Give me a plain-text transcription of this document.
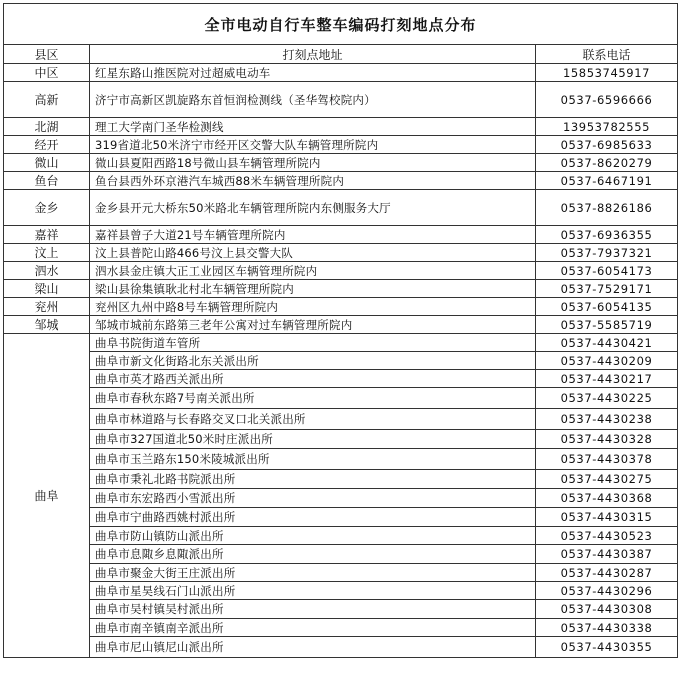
全市电动自行车整车编码打刻地点分布		
县区	打刻点地址	联系电话
中区	红星东路山推医院对过超威电动车	15853745917
高新	济宁市高新区凯旋路东首恒润检测线（圣华驾校院内）	0537-6596666
北湖	理工大学南门圣华检测线	13953782555
经开	319省道北50米济宁市经开区交警大队车辆管理所院内	0537-6985633
微山	微山县夏阳西路18号微山县车辆管理所院内	0537-8620279
鱼台	鱼台县西外环京港汽车城西88米车辆管理所院内	0537-6467191
金乡	金乡县开元大桥东50米路北车辆管理所院内东侧服务大厅	0537-8826186
嘉祥	嘉祥县曾子大道21号车辆管理所院内	0537-6936355
汶上	汶上县普陀山路466号汶上县交警大队	0537-7937321
泗水	泗水县金庄镇大正工业园区车辆管理所院内	0537-6054173
梁山	梁山县徐集镇耿北村北车辆管理所院内	0537-7529171
兖州	兖州区九州中路8号车辆管理所院内	0537-6054135
邹城	邹城市城前东路第三老年公寓对过车辆管理所院内	0537-5585719
曲阜	曲阜书院街道车管所	0537-4430421
	曲阜市新文化街路北东关派出所	0537-4430209
	曲阜市英才路西关派出所	0537-4430217
	曲阜市春秋东路7号南关派出所	0537-4430225
	曲阜市林道路与长春路交叉口北关派出所	0537-4430238
	曲阜市327国道北50米时庄派出所	0537-4430328
	曲阜市玉兰路东150米陵城派出所	0537-4430378
	曲阜市秉礼北路书院派出所	0537-4430275
	曲阜市东宏路西小雪派出所	0537-4430368
	曲阜市宁曲路西姚村派出所	0537-4430315
	曲阜市防山镇防山派出所	0537-4430523
	曲阜市息陬乡息陬派出所	0537-4430387
	曲阜市聚金大街王庄派出所	0537-4430287
	曲阜市星昊线石门山派出所	0537-4430296
	曲阜市吴村镇吴村派出所	0537-4430308
	曲阜市南辛镇南辛派出所	0537-4430338
	曲阜市尼山镇尼山派出所	0537-4430355
